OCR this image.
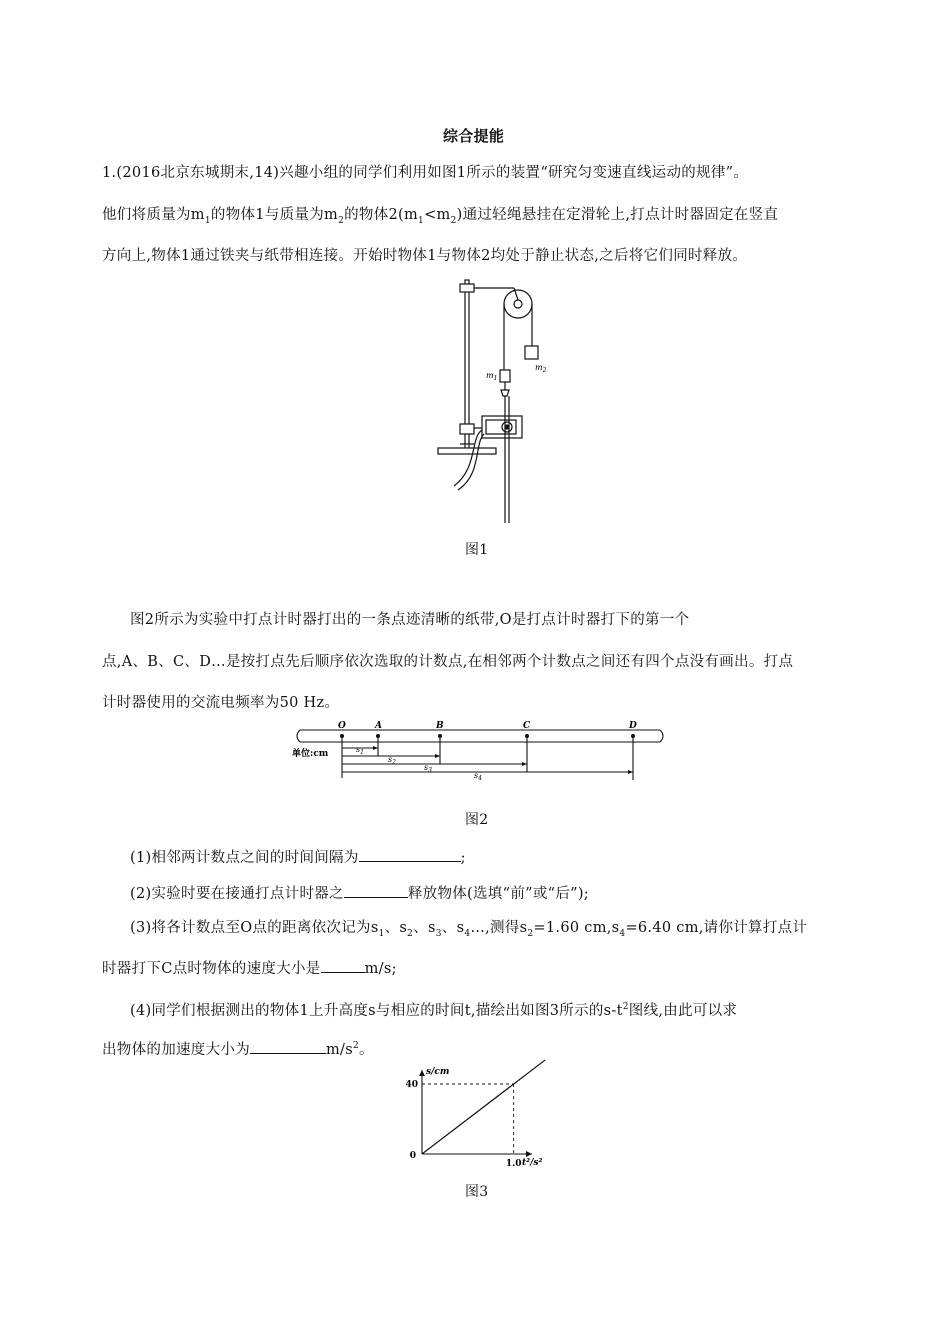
综合提能
1.(2016北京东城期末,14)兴趣小组的同学们利用如图1所示的装置“研究匀变速直线运动的规律”。
他们将质量为$m_1$的物体1与质量为$m_2$的物体$2(m_1<m_2)$通过轻绳悬挂在定滑轮上,打点计时器固定在竖直
方向上,物体1通过铁夹与纸带相连接。开始时物体1与物体2均处于静止状态,之后将它们同时释放。
$m_1$
$m_2$
图1
图2所示为实验中打点计时器打出的一条点迹清晰的纸带,O是打点计时器打下的第一个
点,A、B、C、D…是按打点先后顺序依次选取的计数点,在相邻两个计数点之间还有四个点没有画出。打点
计时器使用的交流电频率为50 Hz。
单位:cm
O	A	B	C	D
$s_1$
$s_2$
$s_3$
$s_4$
图2
(1)相邻两计数点之间的时间间隔为	;
(2)实验时要在接通打点计时器之	释放物体(选填“前”或“后”);
(3)将各计数点至O点的距离依次记为$s_1$、$s_2$、$s_3$、$s_4\dots$,测得$s_2=1.60$ $cm,s_4=6.40$ cm,请你计算打点计
时器打下C点时物体的速度大小是	m/s;
(4)同学们根据测出的物体1上升高度s与相应的时间t,描绘出如图3所示的$s-t^2$图线,由此可以求
出物体的加速度大小为	$m/s^2$。
s/cm
t²/s²
40
1.0
0
图3
